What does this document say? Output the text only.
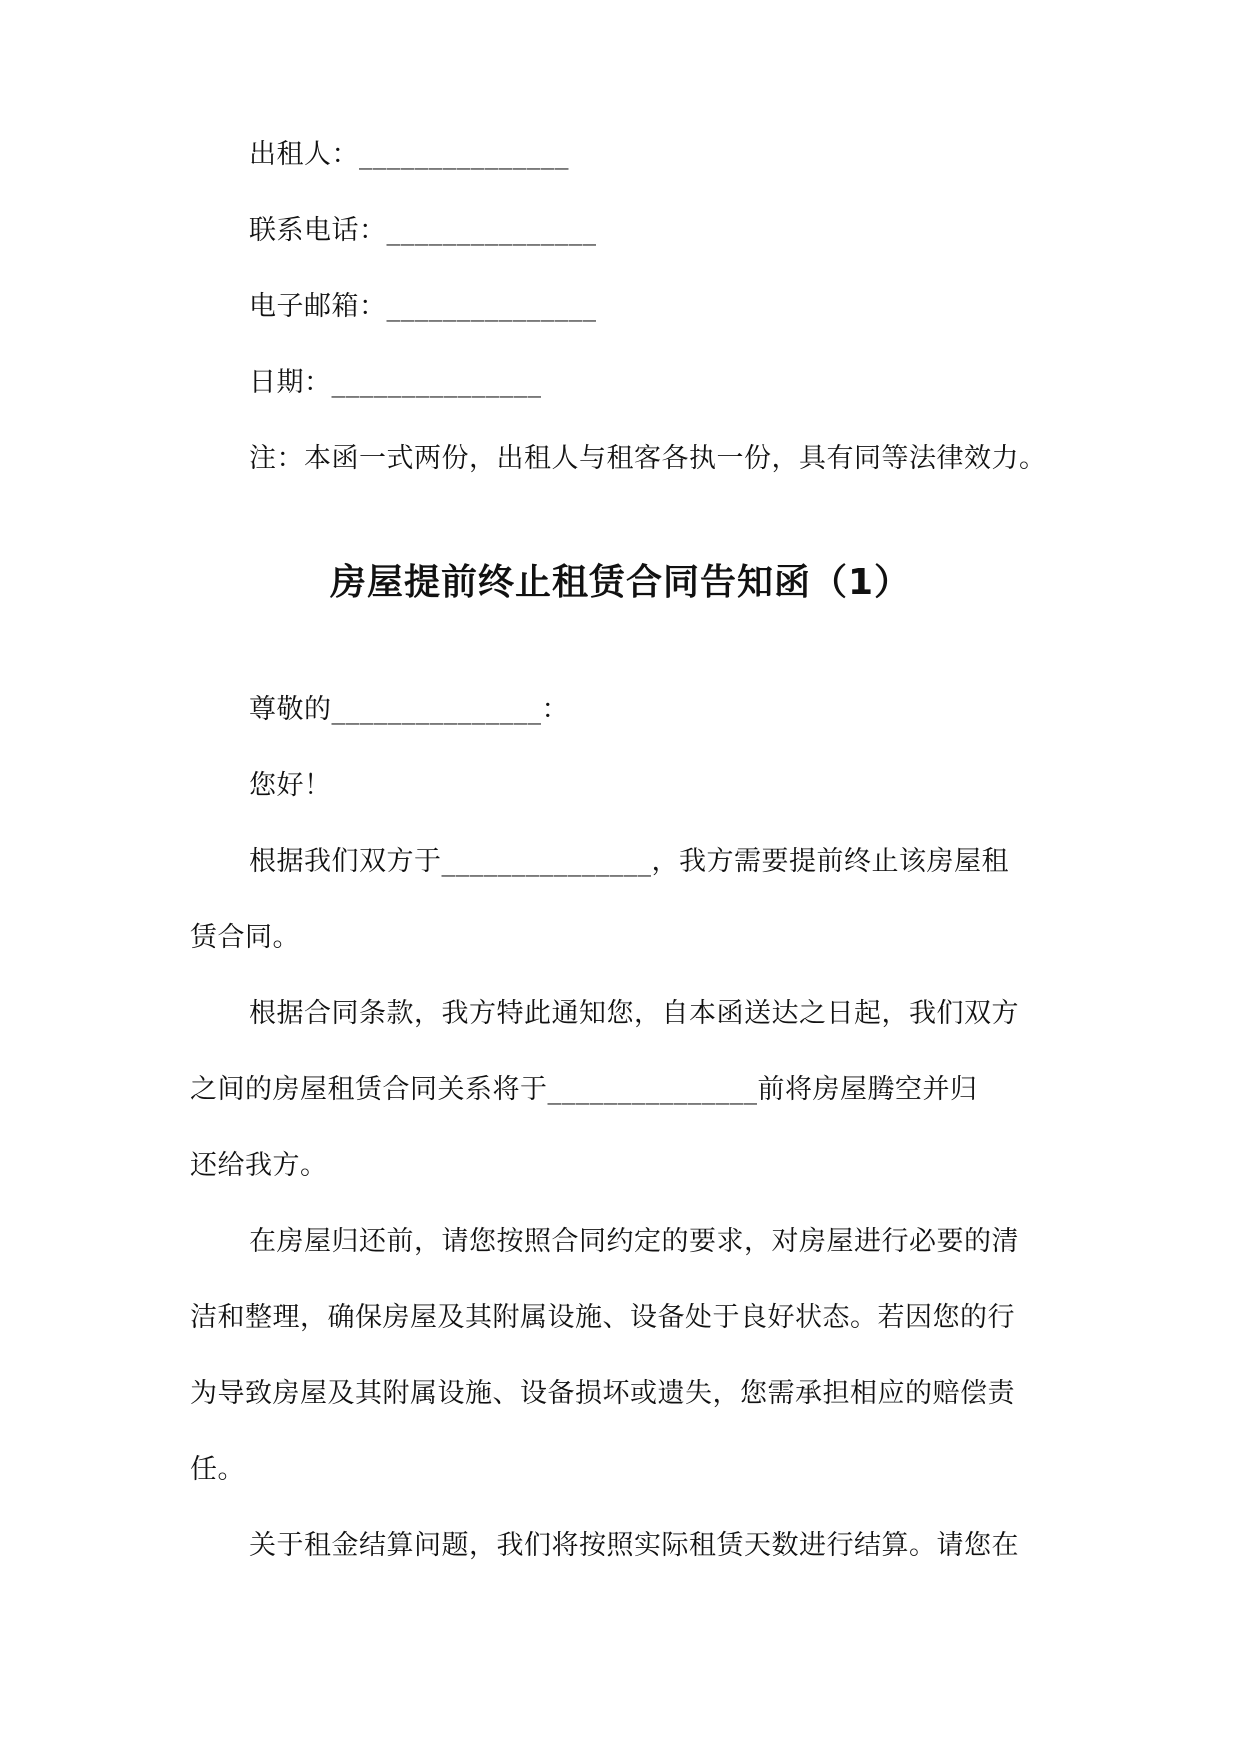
出租人：_______________
联系电话：_______________
电子邮箱：_______________
日期：_______________
注：本函一式两份，出租人与租客各执一份，具有同等法律效力。
房屋提前终止租赁合同告知函（1）
尊敬的_______________：
您好！
根据我们双方于_______________，我方需要提前终止该房屋租
赁合同。
根据合同条款，我方特此通知您，自本函送达之日起，我们双方
之间的房屋租赁合同关系将于_______________前将房屋腾空并归
还给我方。
在房屋归还前，请您按照合同约定的要求，对房屋进行必要的清
洁和整理，确保房屋及其附属设施、设备处于良好状态。若因您的行
为导致房屋及其附属设施、设备损坏或遗失，您需承担相应的赔偿责
任。
关于租金结算问题，我们将按照实际租赁天数进行结算。请您在
